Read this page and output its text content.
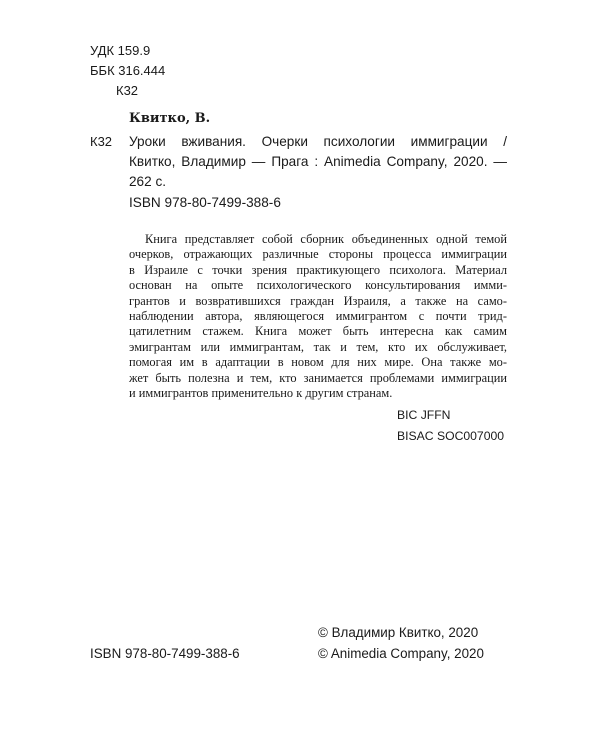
УДК 159.9
ББК 316.444
К32
Квитко, В.
К32 Уроки вживания. Очерки психологии иммиграции /
Квитко, Владимир — Прага : Animedia Company, 2020. —
262 с.
ISBN 978-80-7499-388-6
Книга представляет собой сборник объединенных одной темой
очерков, отражающих различные стороны процесса иммиграции
в Израиле с точки зрения практикующего психолога. Материал
основан на опыте психологического консультирования имми-
грантов и возвратившихся граждан Израиля, а также на само-
наблюдении автора, являющегося иммигрантом с почти трид-
цатилетним стажем. Книга может быть интересна как самим
эмигрантам или иммигрантам, так и тем, кто их обслуживает,
помогая им в адаптации в новом для них мире. Она также мо-
жет быть полезна и тем, кто занимается проблемами иммиграции
и иммигрантов применительно к другим странам.
BIC JFFN
BISAC SOC007000
© Владимир Квитко, 2020
© Animedia Company, 2020
ISBN 978-80-7499-388-6
